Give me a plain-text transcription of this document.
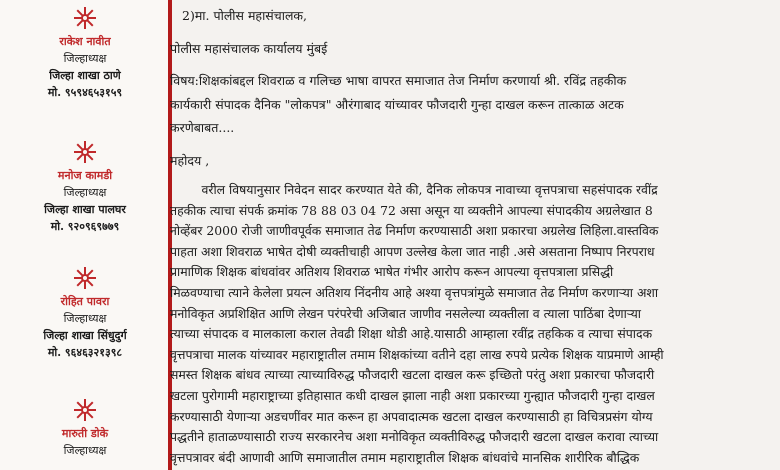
राकेश नावीत
जिल्हाध्यक्ष
जिल्हा शाखा ठाणे
मो. ९५९४६५३१५९
मनोज कामडी
जिल्हाध्यक्ष
जिल्हा शाखा पालघर
मो. ९२०९६९७७९
रोहित पावरा
जिल्हाध्यक्ष
जिल्हा शाखा सिंधुदुर्ग
मो. ९६४६३२१३९८
मारुती डोके
जिल्हाध्यक्ष
2)मा. पोलीस महासंचालक,
पोलीस महासंचालक कार्यालय मुंबई
विषय:शिक्षकांबद्दल शिवराळ व गलिच्छ भाषा वापरत समाजात तेज निर्माण करणार्या श्री. रविंद्र तहकीक
कार्यकारी संपादक दैनिक "लोकपत्र" औरंगाबाद यांच्यावर फौजदारी गुन्हा दाखल करून तात्काळ अटक
करणेबाबत....
महोदय ,

वरील विषयानुसार निवेदन सादर करण्यात येते की, दैनिक लोकपत्र नावाच्या वृत्तपत्राचा सहसंपादक रवींद्र

तहकीक त्याचा संपर्क क्रमांक 78 88 03 04 72 असा असून या व्यक्तीने आपल्या संपादकीय अग्रलेखात 8

नोव्हेंबर 2000 रोजी जाणीवपूर्वक समाजात तेढ निर्माण करण्यासाठी अशा प्रकारचा अग्रलेख लिहिला.वास्तविक

पाहता अशा शिवराळ भाषेत दोषी व्यक्तीचाही आपण उल्लेख केला जात नाही .असे असताना निष्पाप निरपराध

प्रामाणिक शिक्षक बांधवांवर अतिशय शिवराळ भाषेत गंभीर आरोप करून आपल्या वृत्तपत्राला प्रसिद्धी

मिळवण्याचा त्याने केलेला प्रयत्न अतिशय निंदनीय आहे अश्या वृत्तपत्रांमुळे समाजात तेढ निर्माण करणाऱ्या अशा

मनोविकृत अप्रशिक्षित आणि लेखन परंपरेची अजिबात जाणीव नसलेल्या व्यक्तीला व त्याला पाठिंबा देणाऱ्या

त्याच्या संपादक व मालकाला कराल तेवढी शिक्षा थोडी आहे.यासाठी आम्हाला रवींद्र तहकिक व त्याचा संपादक

वृत्तपत्राचा मालक यांच्यावर महाराष्ट्रातील तमाम शिक्षकांच्या वतीने दहा लाख रुपये प्रत्येक शिक्षक याप्रमाणे आम्ही

समस्त शिक्षक बांधव त्याच्या त्याच्याविरुद्ध फौजदारी खटला दाखल करू इच्छितो परंतु अशा प्रकारचा फौजदारी

खटला पुरोगामी महाराष्ट्राच्या इतिहासात कधी दाखल झाला नाही अशा प्रकारच्या गुन्ह्यात फौजदारी गुन्हा दाखल

करण्यासाठी येणाऱ्या अडचणींवर मात करून हा अपवादात्मक खटला दाखल करण्यासाठी हा विचित्रप्रसंग योग्य

पद्धतीने हाताळण्यासाठी राज्य सरकारनेच अशा मनोविकृत व्यक्तीविरुद्ध फौजदारी खटला दाखल करावा त्याच्या

वृत्तपत्रावर बंदी आणावी आणि समाजातील तमाम महाराष्ट्रातील शिक्षक बांधवांचे मानसिक शारीरिक बौद्धिक
